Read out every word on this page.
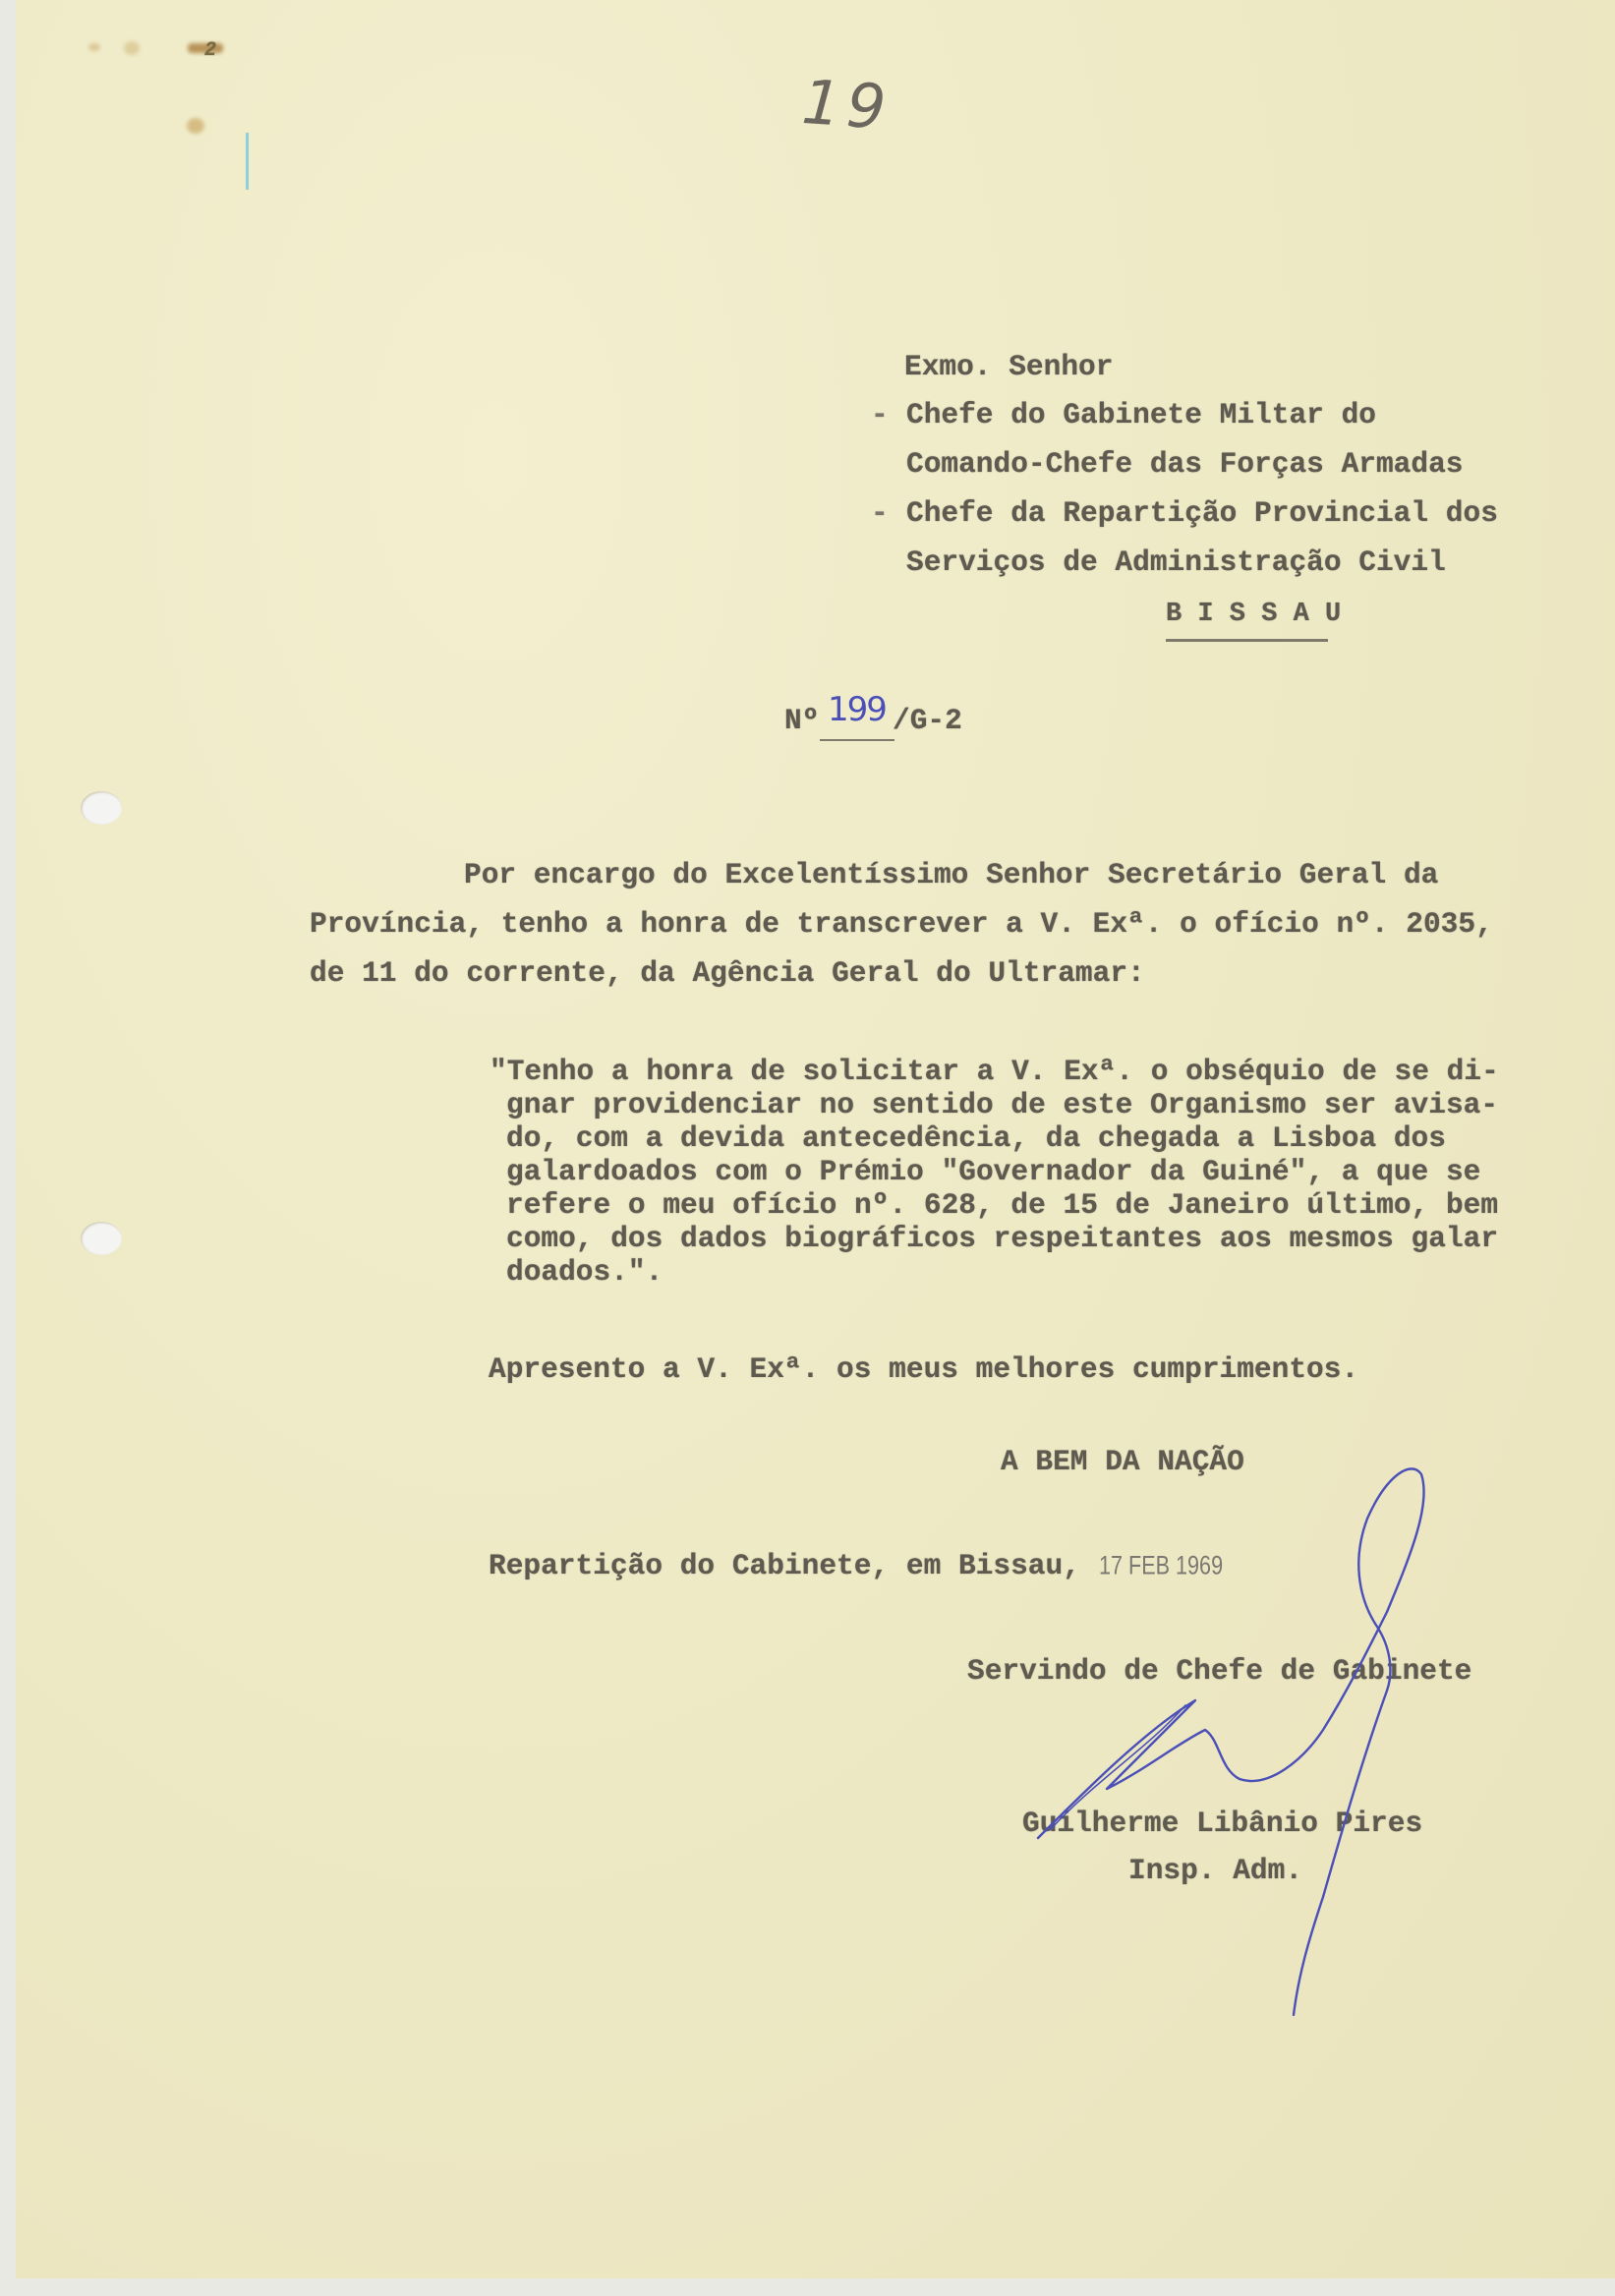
2
19
Exmo. Senhor
- Chefe do Gabinete Miltar do
Comando-Chefe das Forças Armadas
- Chefe da Repartição Provincial dos
Serviços de Administração Civil
B I S S A U
Nº 199 /G-2
Por encargo do Excelentíssimo Senhor Secretário Geral da
Província, tenho a honra de transcrever a V. Exª. o ofício nº. 2035,
de 11 do corrente, da Agência Geral do Ultramar:
"Tenho a honra de solicitar a V. Exª. o obséquio de se di-
gnar providenciar no sentido de este Organismo ser avisa-
do, com a devida antecedência, da chegada a Lisboa dos
galardoados com o Prémio "Governador da Guiné", a que se
refere o meu ofício nº. 628, de 15 de Janeiro último, bem
como, dos dados biográficos respeitantes aos mesmos galar
doados.".
Apresento a V. Exª. os meus melhores cumprimentos.
A BEM DA NAÇÃO
Repartição do Cabinete, em Bissau, 17 FEB 1969
Servindo de Chefe de Gabinete
Guilherme Libânio Pires
Insp. Adm.
